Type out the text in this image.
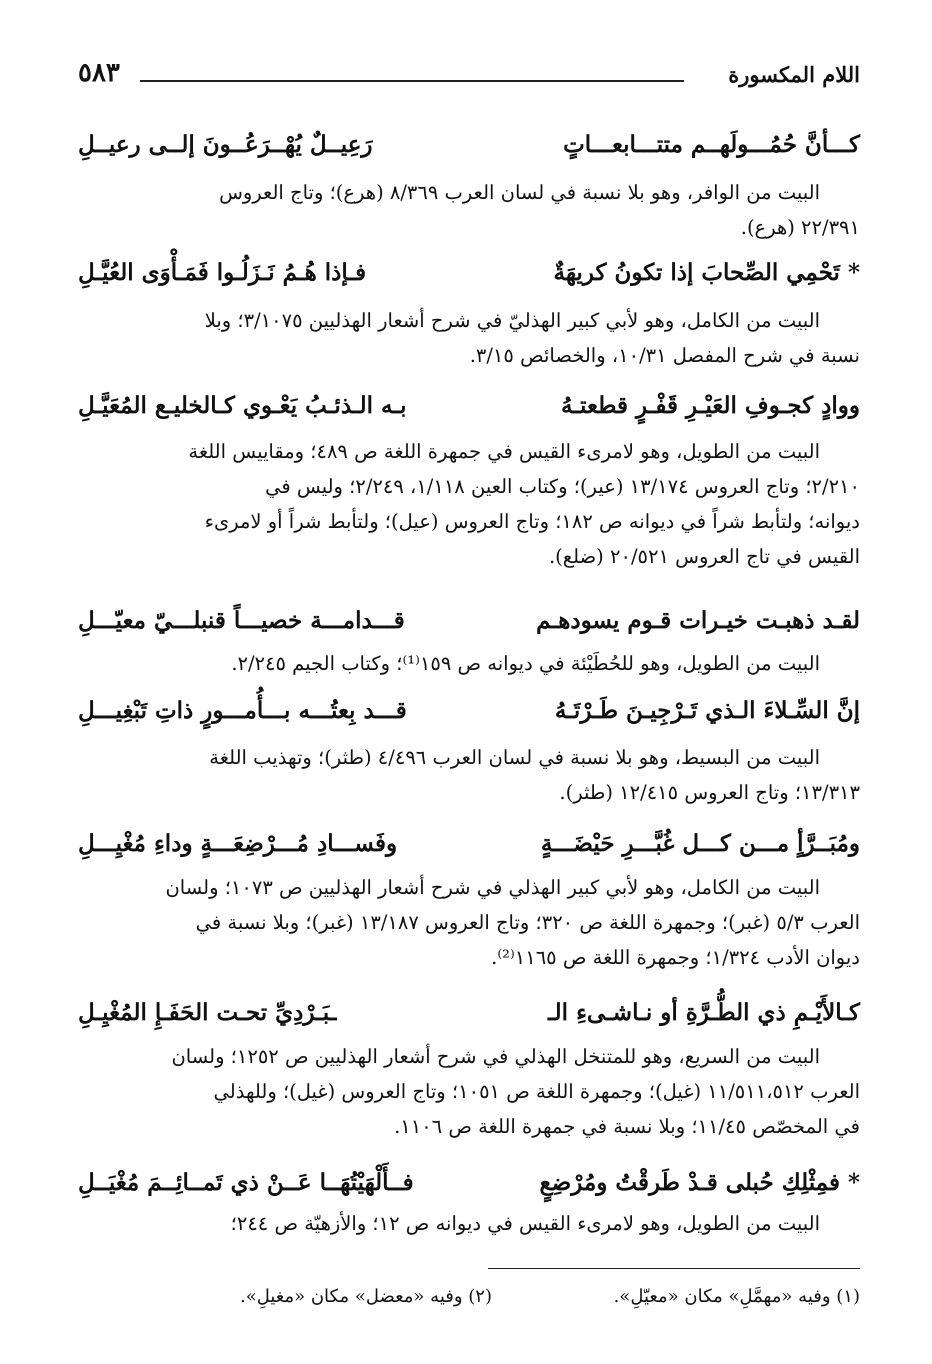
اللام المكسورة
٥٨٣
كـــأنَّ حُمُـــولَهــم متتـــابعـــاتٍ
رَعِيــلٌ يُهْــرَعُــونَ إلــى رعيــلِ
البيت من الوافر، وهو بلا نسبة في لسان العرب ٨/٣٦٩ (هرع)؛ وتاج العروس
٢٢/٣٩١ (هرع).
* تَحْمِي الصِّحابَ إذا تكونُ كريهَةٌ
فـإذا هُـمُ نَـزَلُـوا فَمَـأْوَى العُيَّـلِ
البيت من الكامل، وهو لأبي كبير الهذليّ في شرح أشعار الهذليين ٣/١٠٧٥؛ وبلا
نسبة في شرح المفصل ١٠/٣١، والخصائص ٣/١٥.
ووادٍ كجـوفِ العَيْـرِ قَفْـرٍ قطعتـهُ
بـه الـذئـبُ يَعْـوي كـالخليـع المُعَيَّـلِ
البيت من الطويل، وهو لامرىء القيس في جمهرة اللغة ص ٤٨٩؛ ومقاييس اللغة
٢/٢١٠؛ وتاج العروس ١٣/١٧٤ (عير)؛ وكتاب العين ١/١١٨، ٢/٢٤٩؛ وليس في
ديوانه؛ ولتأبط شراً في ديوانه ص ١٨٢؛ وتاج العروس (عيل)؛ ولتأبط شراً أو لامرىء
القيس في تاج العروس ٢٠/٥٢١ (ضلع).
لقـد ذهبـت خيـرات قـوم يسودهـم
قـــدامـــة خصيـــاً قنبلـــيّ معيّـــلِ
البيت من الطويل، وهو للحُطَيْئة في ديوانه ص ١٥٩⁽¹⁾؛ وكتاب الجيم ٢/٢٤٥.
إنَّ السِّـلاءَ الـذي تَـرْجِيـنَ طَـرْتَـهُ
قـــد بِعتُـــه بـــأُمـــورٍ ذاتِ تَبْغِيـــلِ
البيت من البسيط، وهو بلا نسبة في لسان العرب ٤/٤٩٦ (طثر)؛ وتهذيب اللغة
١٣/٣١٣؛ وتاج العروس ١٢/٤١٥ (طثر).
ومُبَــرَّأٍ مـــن كـــل غُبَّـــرِ حَيْضَـــةٍ
وفَســـادِ مُـــرْضِعَـــةٍ وداءِ مُغْيِـــلِ
البيت من الكامل، وهو لأبي كبير الهذلي في شرح أشعار الهذليين ص ١٠٧٣؛ ولسان
العرب ٥/٣ (غبر)؛ وجمهرة اللغة ص ٣٢٠؛ وتاج العروس ١٣/١٨٧ (غبر)؛ وبلا نسبة في
ديوان الأدب ١/٣٢٤؛ وجمهرة اللغة ص ١١٦٥⁽²⁾.
كـالأَيْـمِ ذي الطُّـرَّةِ أو نـاشـىءِ الـ
ـبَـرْدِيِّ تحـت الحَفَـإِ المُغْيِـلِ
البيت من السريع، وهو للمتنخل الهذلي في شرح أشعار الهذليين ص ١٢٥٢؛ ولسان
العرب ١١/٥١١،٥١٢ (غيل)؛ وجمهرة اللغة ص ١٠٥١؛ وتاج العروس (غيل)؛ وللهذلي
في المخصّص ١١/٤٥؛ وبلا نسبة في جمهرة اللغة ص ١١٠٦.
* فمِثْلِكِ حُبلى قـدْ طَرقْتُ ومُرْضِعٍ
فــأَلْهَيْتُهَــا عَــنْ ذي تَمــائِــمَ مُغْيَــلِ
البيت من الطويل، وهو لامرىء القيس في ديوانه ص ١٢؛ والأزهيّة ص ٢٤٤؛
(١) وفيه «مهمَّلِ» مكان «معيّلِ».
(٢) وفيه «معضل» مكان «مغيلِ».
